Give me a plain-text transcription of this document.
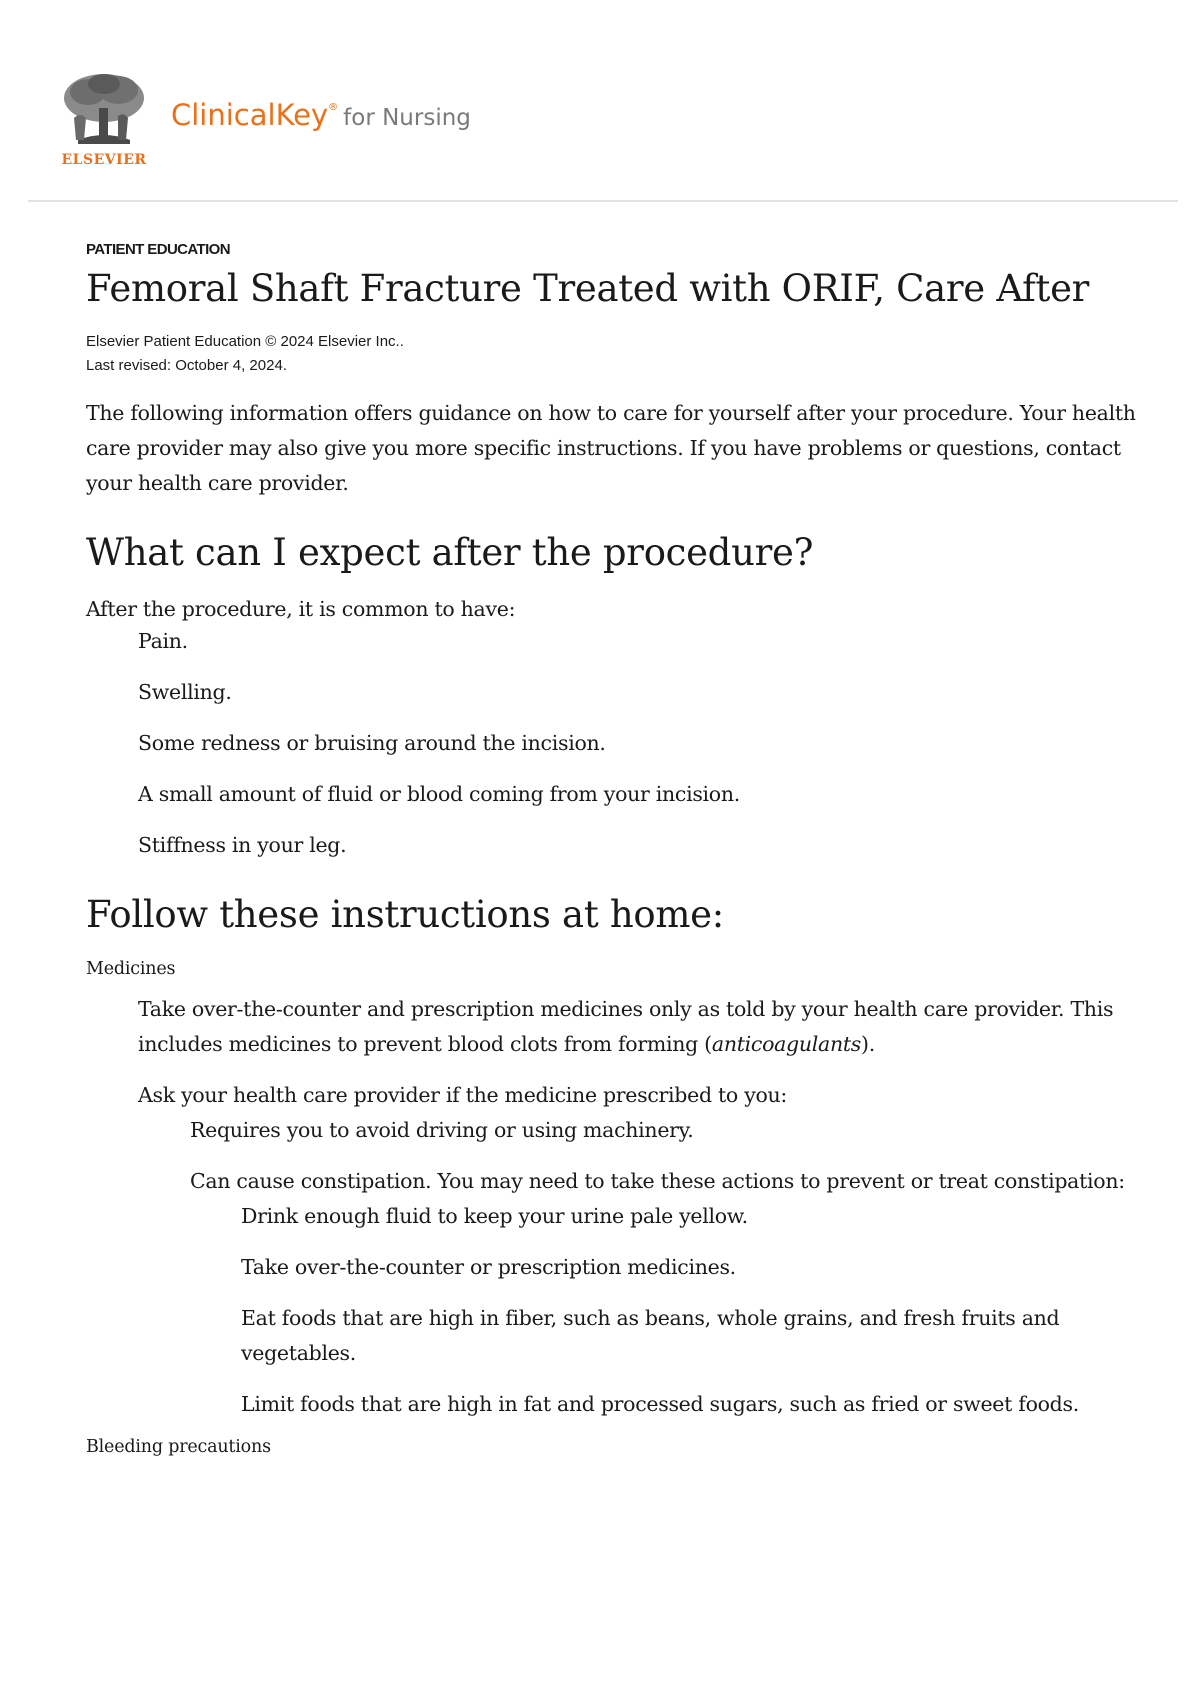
ELSEVIER
ClinicalKey® for Nursing

PATIENT EDUCATION

Femoral Shaft Fracture Treated with ORIF, Care After
Elsevier Patient Education © 2024 Elsevier Inc..
Last revised: October 4, 2024.

The following information offers guidance on how to care for yourself after your procedure. Your health care provider may also give you more specific instructions. If you have problems or questions, contact your health care provider.

What can I expect after the procedure?

After the procedure, it is common to have:

Pain.
Swelling.
Some redness or bruising around the incision.
A small amount of fluid or blood coming from your incision.
Stiffness in your leg.
Follow these instructions at home:
Medicines
Take over-the-counter and prescription medicines only as told by your health care provider. This includes medicines to prevent blood clots from forming (anticoagulants).
Ask your health care provider if the medicine prescribed to you:
Requires you to avoid driving or using machinery.
Can cause constipation. You may need to take these actions to prevent or treat constipation:
Drink enough fluid to keep your urine pale yellow.
Take over-the-counter or prescription medicines.
Eat foods that are high in fiber, such as beans, whole grains, and fresh fruits and vegetables.
Limit foods that are high in fat and processed sugars, such as fried or sweet foods.
Bleeding precautions
